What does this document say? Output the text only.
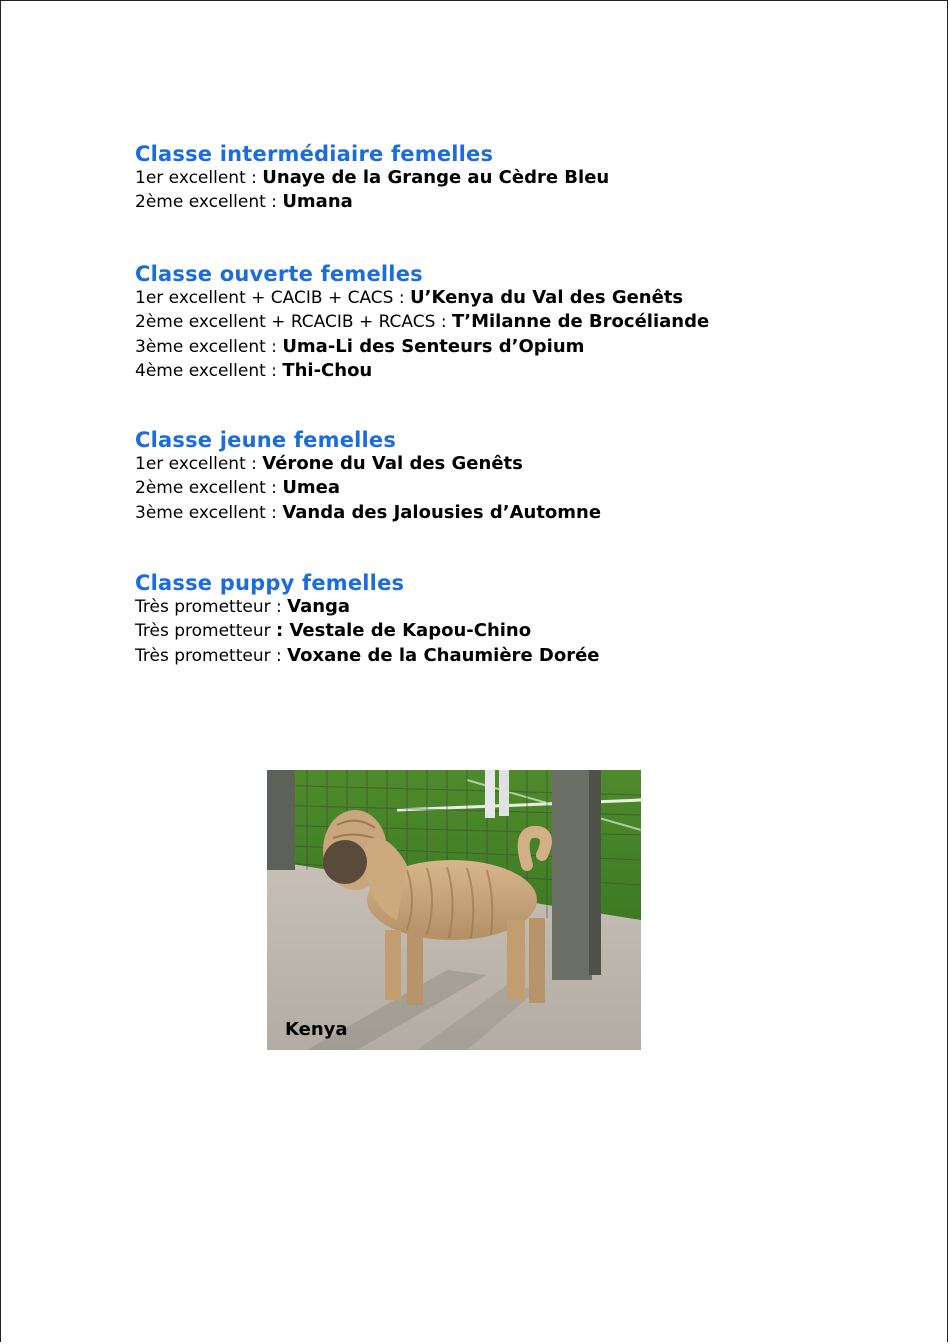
Classe intermédiaire femelles
1er excellent : Unaye de la Grange au Cèdre Bleu
2ème excellent : Umana
Classe ouverte femelles
1er excellent + CACIB + CACS : U’Kenya du Val des Genêts
2ème excellent + RCACIB + RCACS : T’Milanne de Brocéliande
3ème excellent : Uma-Li des Senteurs d’Opium
4ème excellent : Thi-Chou
Classe jeune femelles
1er excellent : Vérone du Val des Genêts
2ème excellent : Umea
3ème excellent : Vanda des Jalousies d’Automne
Classe puppy femelles
Très prometteur : Vanga
Très prometteur : Vestale de Kapou-Chino
Très prometteur : Voxane de la Chaumière Dorée
Kenya
